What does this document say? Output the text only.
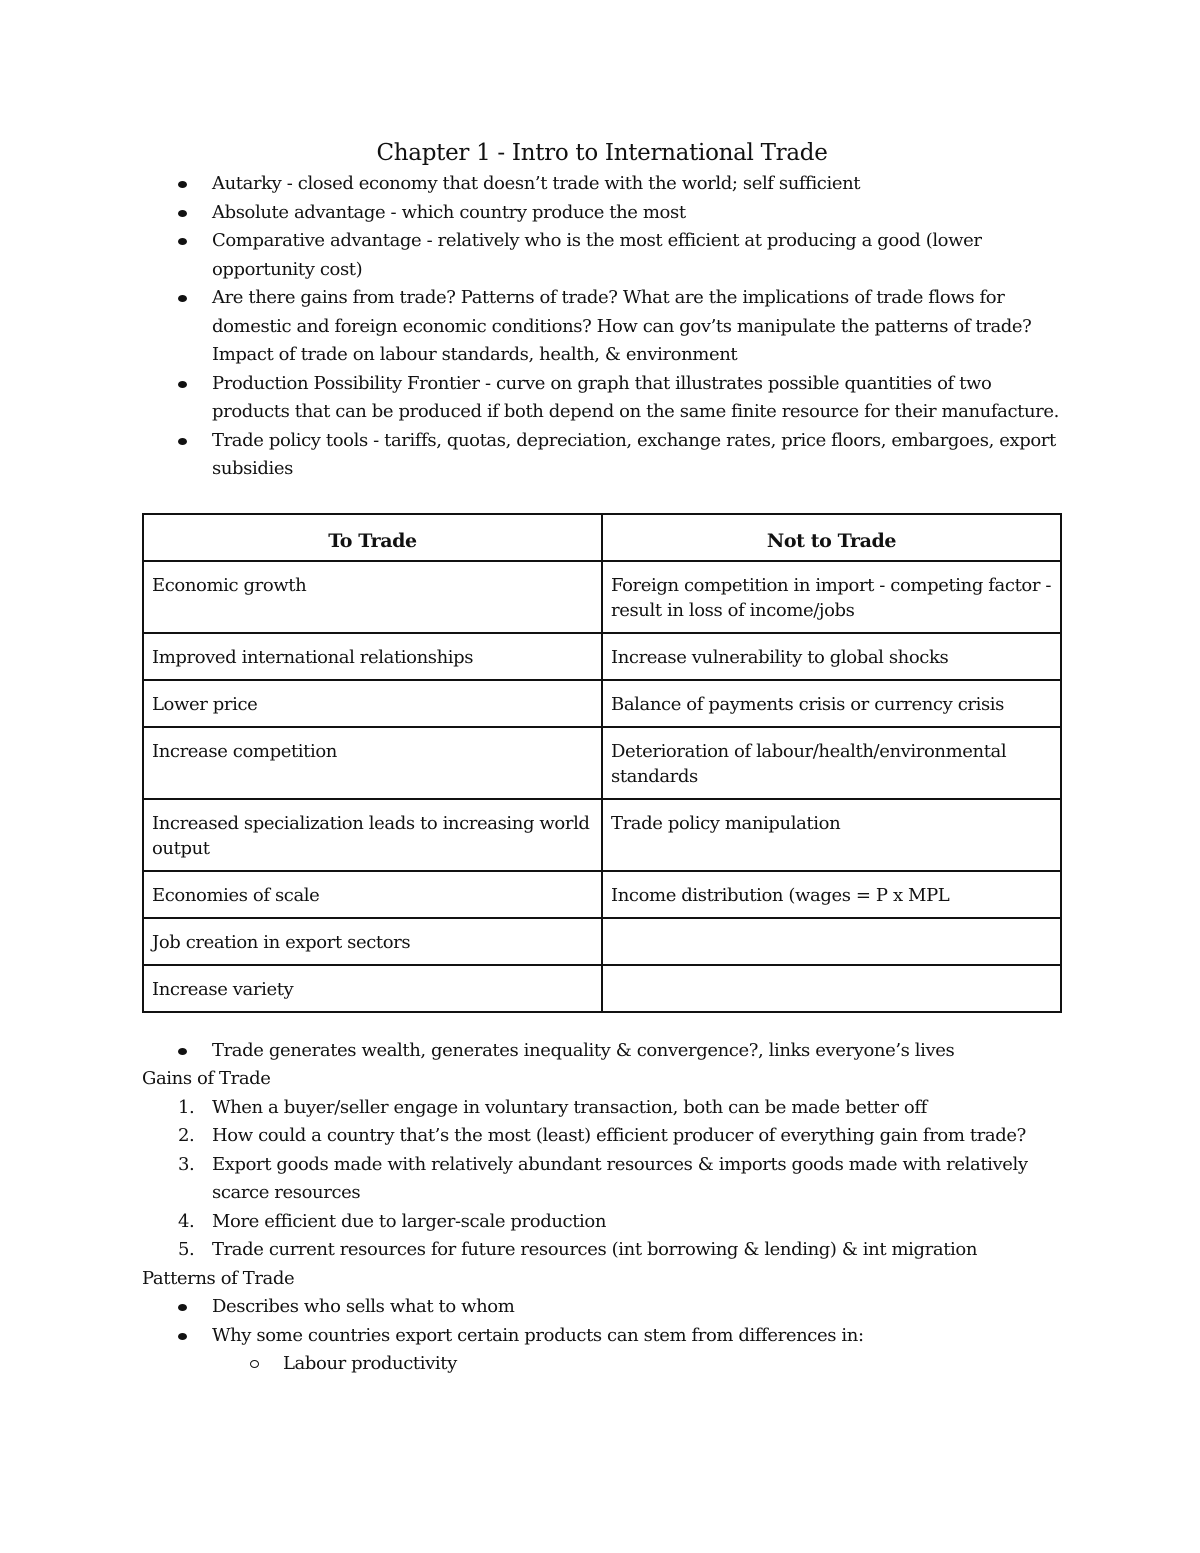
Chapter 1 - Intro to International Trade
Autarky - closed economy that doesn’t trade with the world; self sufficient
Absolute advantage - which country produce the most
Comparative advantage - relatively who is the most efficient at producing a good (lower opportunity cost)
Are there gains from trade? Patterns of trade? What are the implications of trade flows for domestic and foreign economic conditions? How can gov’ts manipulate the patterns of trade? Impact of trade on labour standards, health, & environment
Production Possibility Frontier - curve on graph that illustrates possible quantities of two products that can be produced if both depend on the same finite resource for their manufacture.
Trade policy tools - tariffs, quotas, depreciation, exchange rates, price floors, embargoes, export subsidies
To Trade	Not to Trade
Economic growth	Foreign competition in import - competing factor - result in loss of income/jobs
Improved international relationships	Increase vulnerability to global shocks
Lower price	Balance of payments crisis or currency crisis
Increase competition	Deterioration of labour/health/environmental standards
Increased specialization leads to increasing world output	Trade policy manipulation
Economies of scale	Income distribution (wages = P x MPL
Job creation in export sectors	
Increase variety	
Trade generates wealth, generates inequality & convergence?, links everyone’s lives
Gains of Trade
1. When a buyer/seller engage in voluntary transaction, both can be made better off
2. How could a country that’s the most (least) efficient producer of everything gain from trade?
3. Export goods made with relatively abundant resources & imports goods made with relatively scarce resources
4. More efficient due to larger-scale production
5. Trade current resources for future resources (int borrowing & lending) & int migration
Patterns of Trade
Describes who sells what to whom
Why some countries export certain products can stem from differences in:
Labour productivity
